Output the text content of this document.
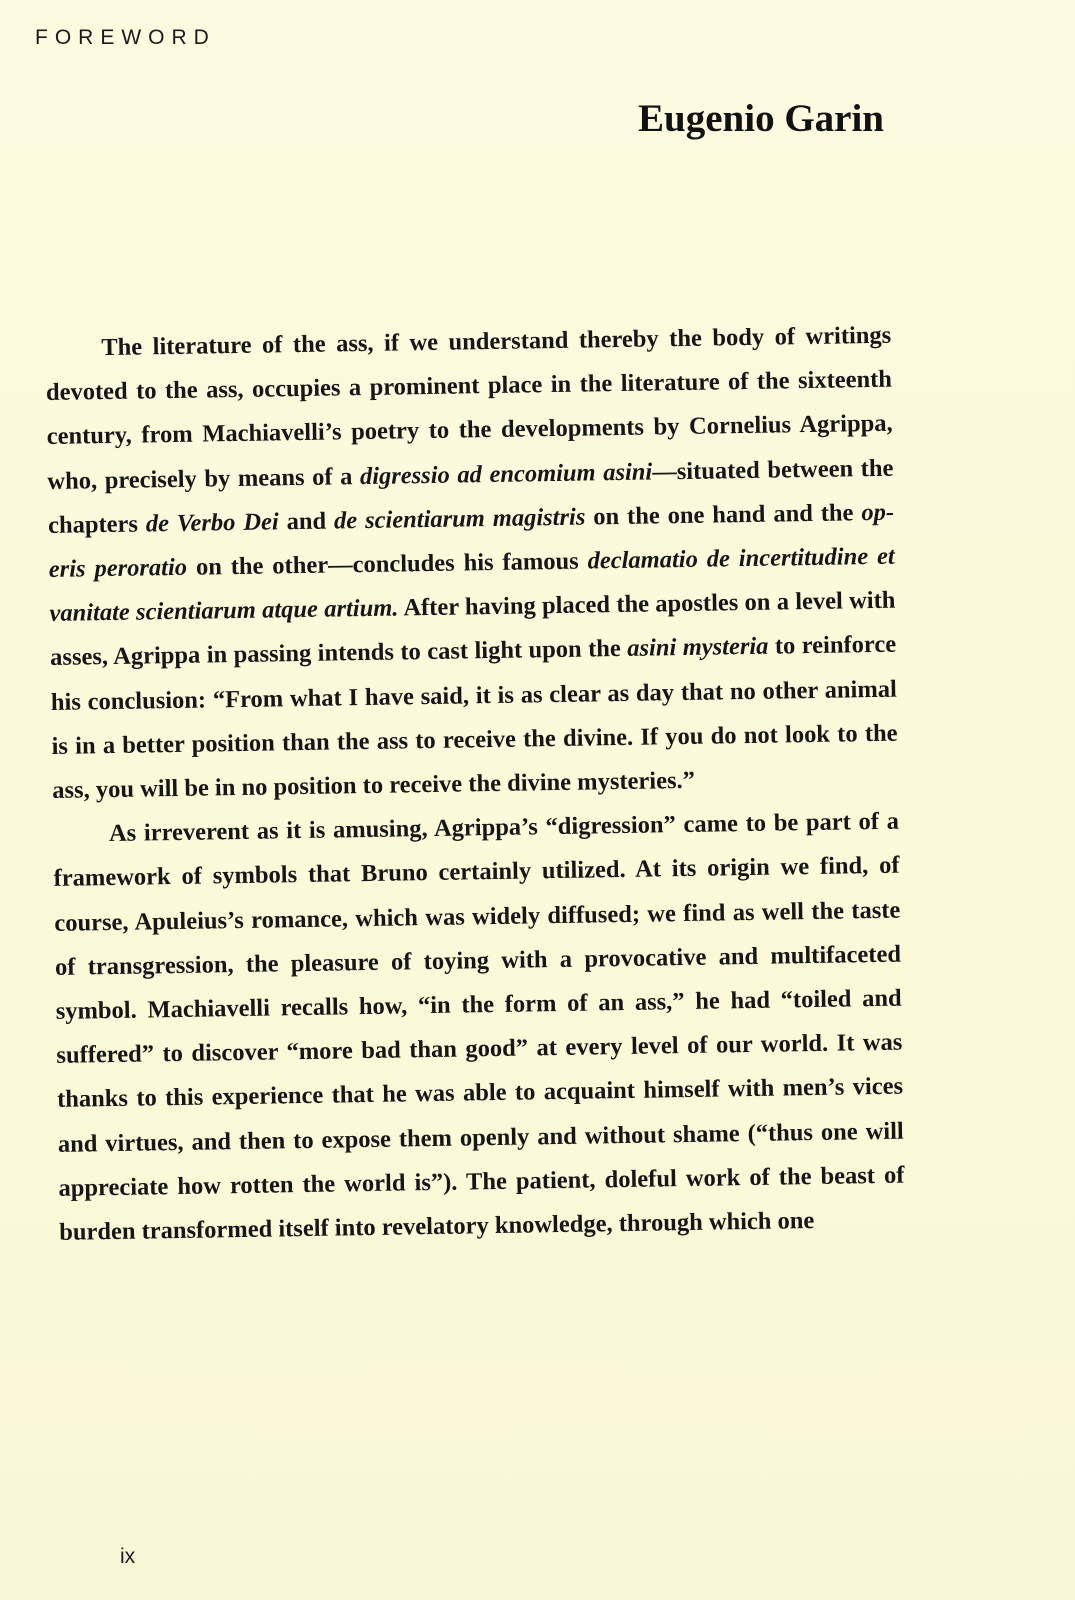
FOREWORD
Eugenio Garin

The literature of the ass, if we understand thereby the body of writings devoted to the ass, occupies a prominent place in the literature of the sixteenth century, from Machiavelli’s poetry to the developments by Cornelius Agrippa, who, precisely by means of a digressio ad encomium asini—situated between the chapters de Verbo Dei and de scientiarum magistris on the one hand and the operis peroratio on the other—concludes his famous declamatio de incertitudine et vanitate scientiarum atque artium. After having placed the apostles on a level with asses, Agrippa in passing intends to cast light upon the asini mysteria to reinforce his conclusion: “From what I have said, it is as clear as day that no other animal is in a better position than the ass to receive the divine. If you do not look to the ass, you will be in no position to receive the divine mysteries.”

As irreverent as it is amusing, Agrippa’s “digression” came to be part of a framework of symbols that Bruno certainly utilized. At its origin we find, of course, Apuleius’s romance, which was widely diffused; we find as well the taste of transgression, the pleasure of toying with a provocative and multifaceted symbol. Machiavelli recalls how, “in the form of an ass,” he had “toiled and suffered” to discover “more bad than good” at every level of our world. It was thanks to this experience that he was able to acquaint himself with men’s vices and virtues, and then to expose them openly and without shame (“thus one will appreciate how rotten the world is”). The patient, doleful work of the beast of burden transformed itself into revelatory knowledge, through which one

ix
